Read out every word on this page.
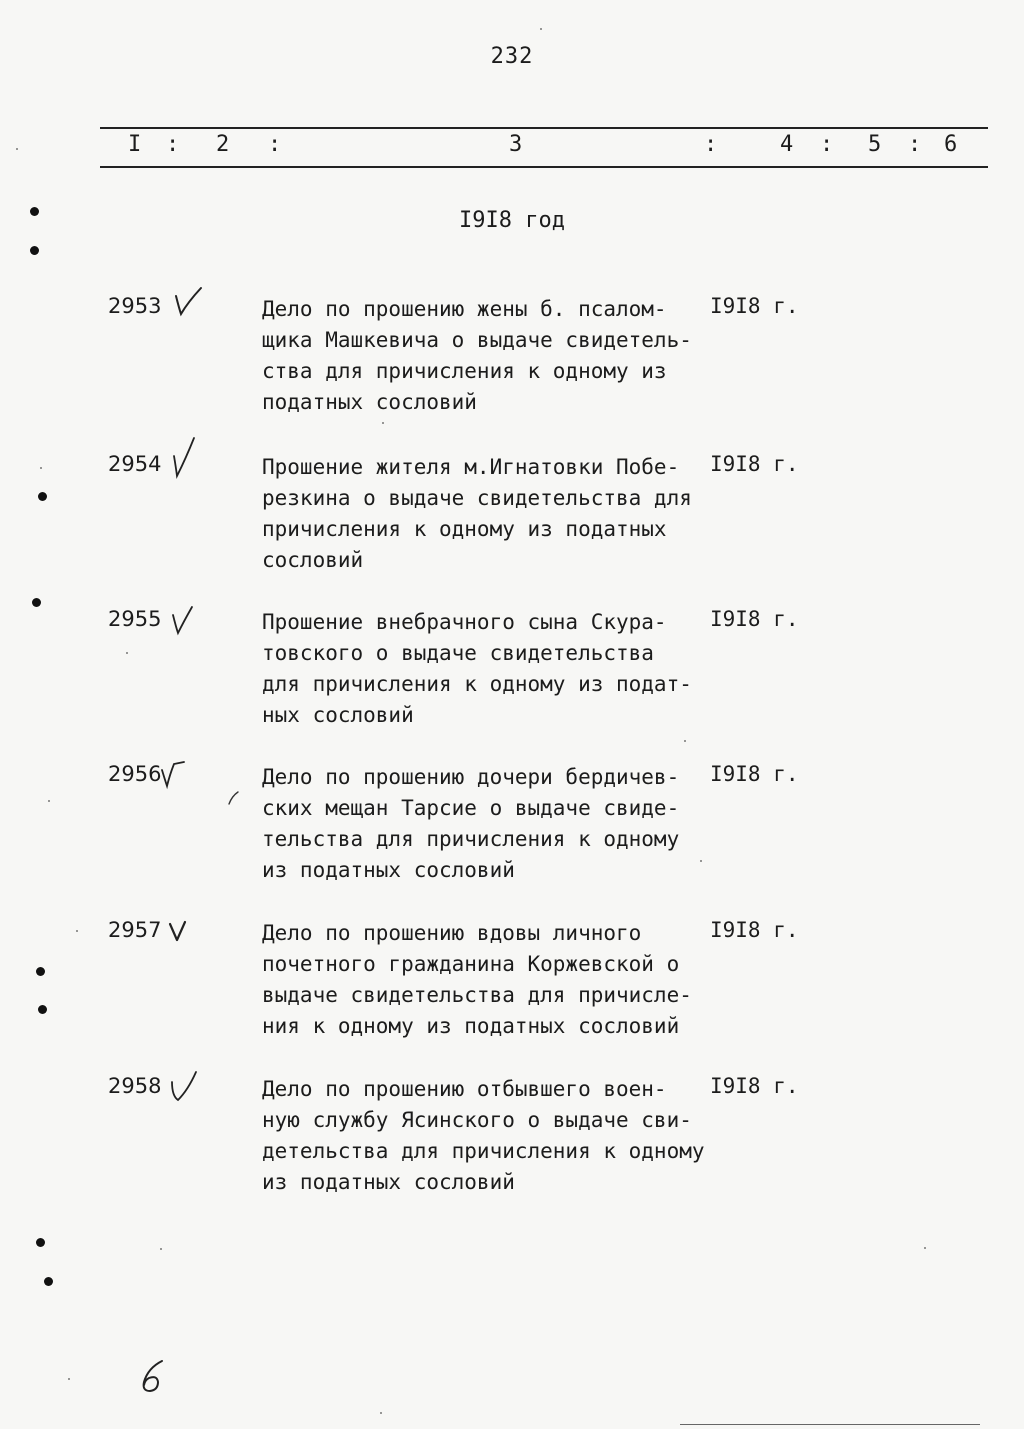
232
I : 2 :	3	:	4 : 5 : 6
I9I8 год
2953	Дело по прошению жены б. псалом-
щика Машкевича о выдаче свидетель-
ства для причисления к одному из
податных сословий
I9I8 г.
2954	Прошение жителя м.Игнатовки Побе-
резкина о выдаче свидетельства для
причисления к одному из податных
сословий
I9I8 г.
2955	Прошение внебрачного сына Скура-
товского о выдаче свидетельства
для причисления к одному из подат-
ных сословий
I9I8 г.
2956	Дело по прошению дочери бердичев-
ских мещан Тарсие о выдаче свиде-
тельства для причисления к одному
из податных сословий
I9I8 г.
2957	Дело по прошению вдовы личного
почетного гражданина Коржевской о
выдаче свидетельства для причисле-
ния к одному из податных сословий
I9I8 г.
2958	Дело по прошению отбывшего воен-
ную службу Ясинского о выдаче сви-
детельства для причисления к одному
из податных сословий
I9I8 г.
